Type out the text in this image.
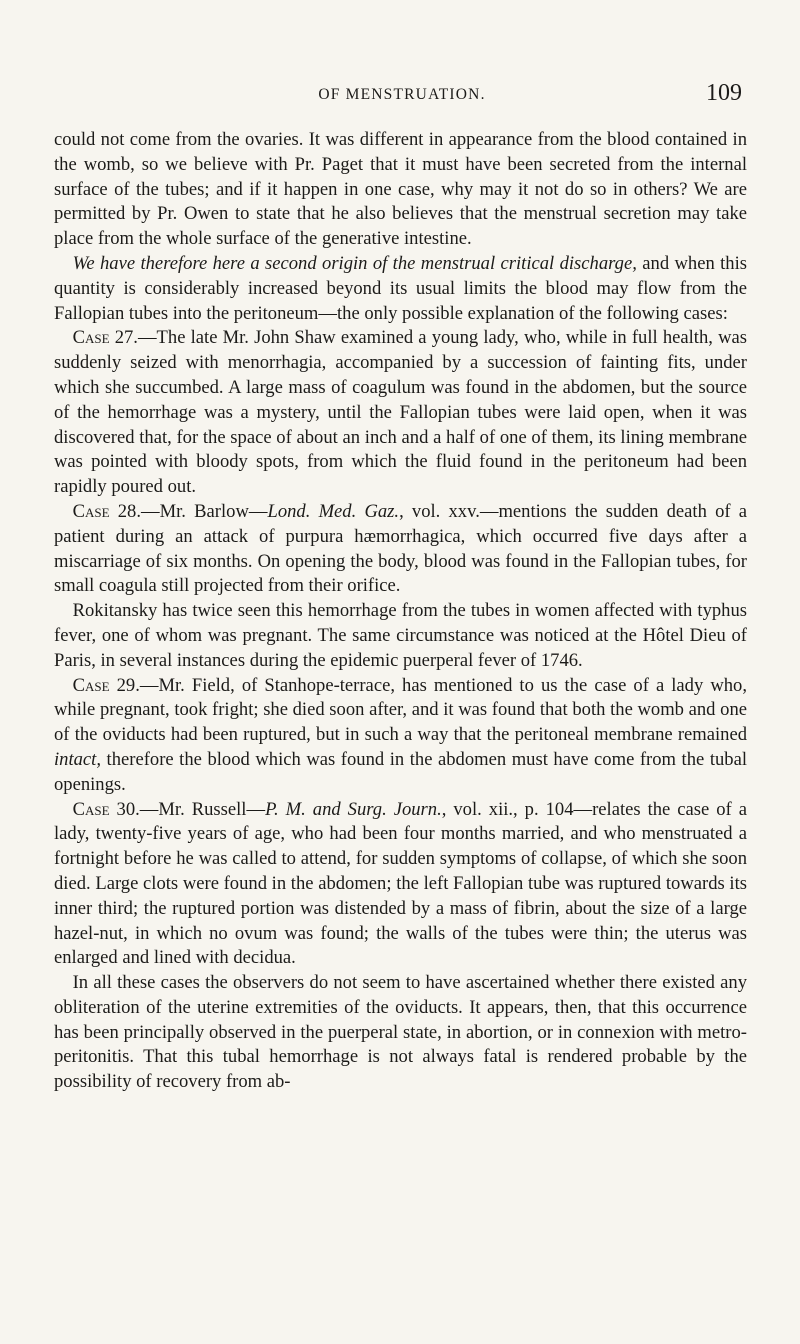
OF MENSTRUATION.	109

could not come from the ovaries. It was different in appearance from the blood contained in the womb, so we believe with Pr. Paget that it must have been secreted from the internal surface of the tubes; and if it happen in one case, why may it not do so in others? We are permitted by Pr. Owen to state that he also believes that the menstrual secretion may take place from the whole surface of the generative intestine.

 We have therefore here a second origin of the menstrual critical discharge, and when this quantity is considerably increased beyond its usual limits the blood may flow from the Fallopian tubes into the peritoneum—the only possible explanation of the following cases:

 Case 27.—The late Mr. John Shaw examined a young lady, who, while in full health, was suddenly seized with menorrhagia, accompanied by a succession of fainting fits, under which she succumbed. A large mass of coagulum was found in the abdomen, but the source of the hemorrhage was a mystery, until the Fallopian tubes were laid open, when it was discovered that, for the space of about an inch and a half of one of them, its lining membrane was pointed with bloody spots, from which the fluid found in the peritoneum had been rapidly poured out.

 Case 28.—Mr. Barlow—Lond. Med. Gaz., vol. xxv.—mentions the sudden death of a patient during an attack of purpura hæmorrhagica, which occurred five days after a miscarriage of six months. On opening the body, blood was found in the Fallopian tubes, for small coagula still projected from their orifice.

 Rokitansky has twice seen this hemorrhage from the tubes in women affected with typhus fever, one of whom was pregnant. The same circumstance was noticed at the Hôtel Dieu of Paris, in several instances during the epidemic puerperal fever of 1746.

 Case 29.—Mr. Field, of Stanhope-terrace, has mentioned to us the case of a lady who, while pregnant, took fright; she died soon after, and it was found that both the womb and one of the oviducts had been ruptured, but in such a way that the peritoneal membrane remained intact, therefore the blood which was found in the abdomen must have come from the tubal openings.

 Case 30.—Mr. Russell—P. M. and Surg. Journ., vol. xii., p. 104—relates the case of a lady, twenty-five years of age, who had been four months married, and who menstruated a fortnight before he was called to attend, for sudden symptoms of collapse, of which she soon died. Large clots were found in the abdomen; the left Fallopian tube was ruptured towards its inner third; the ruptured portion was distended by a mass of fibrin, about the size of a large hazel-nut, in which no ovum was found; the walls of the tubes were thin; the uterus was enlarged and lined with decidua.

 In all these cases the observers do not seem to have ascertained whether there existed any obliteration of the uterine extremities of the oviducts. It appears, then, that this occurrence has been principally observed in the puerperal state, in abortion, or in connexion with metro-peritonitis. That this tubal hemorrhage is not always fatal is rendered probable by the possibility of recovery from ab-
